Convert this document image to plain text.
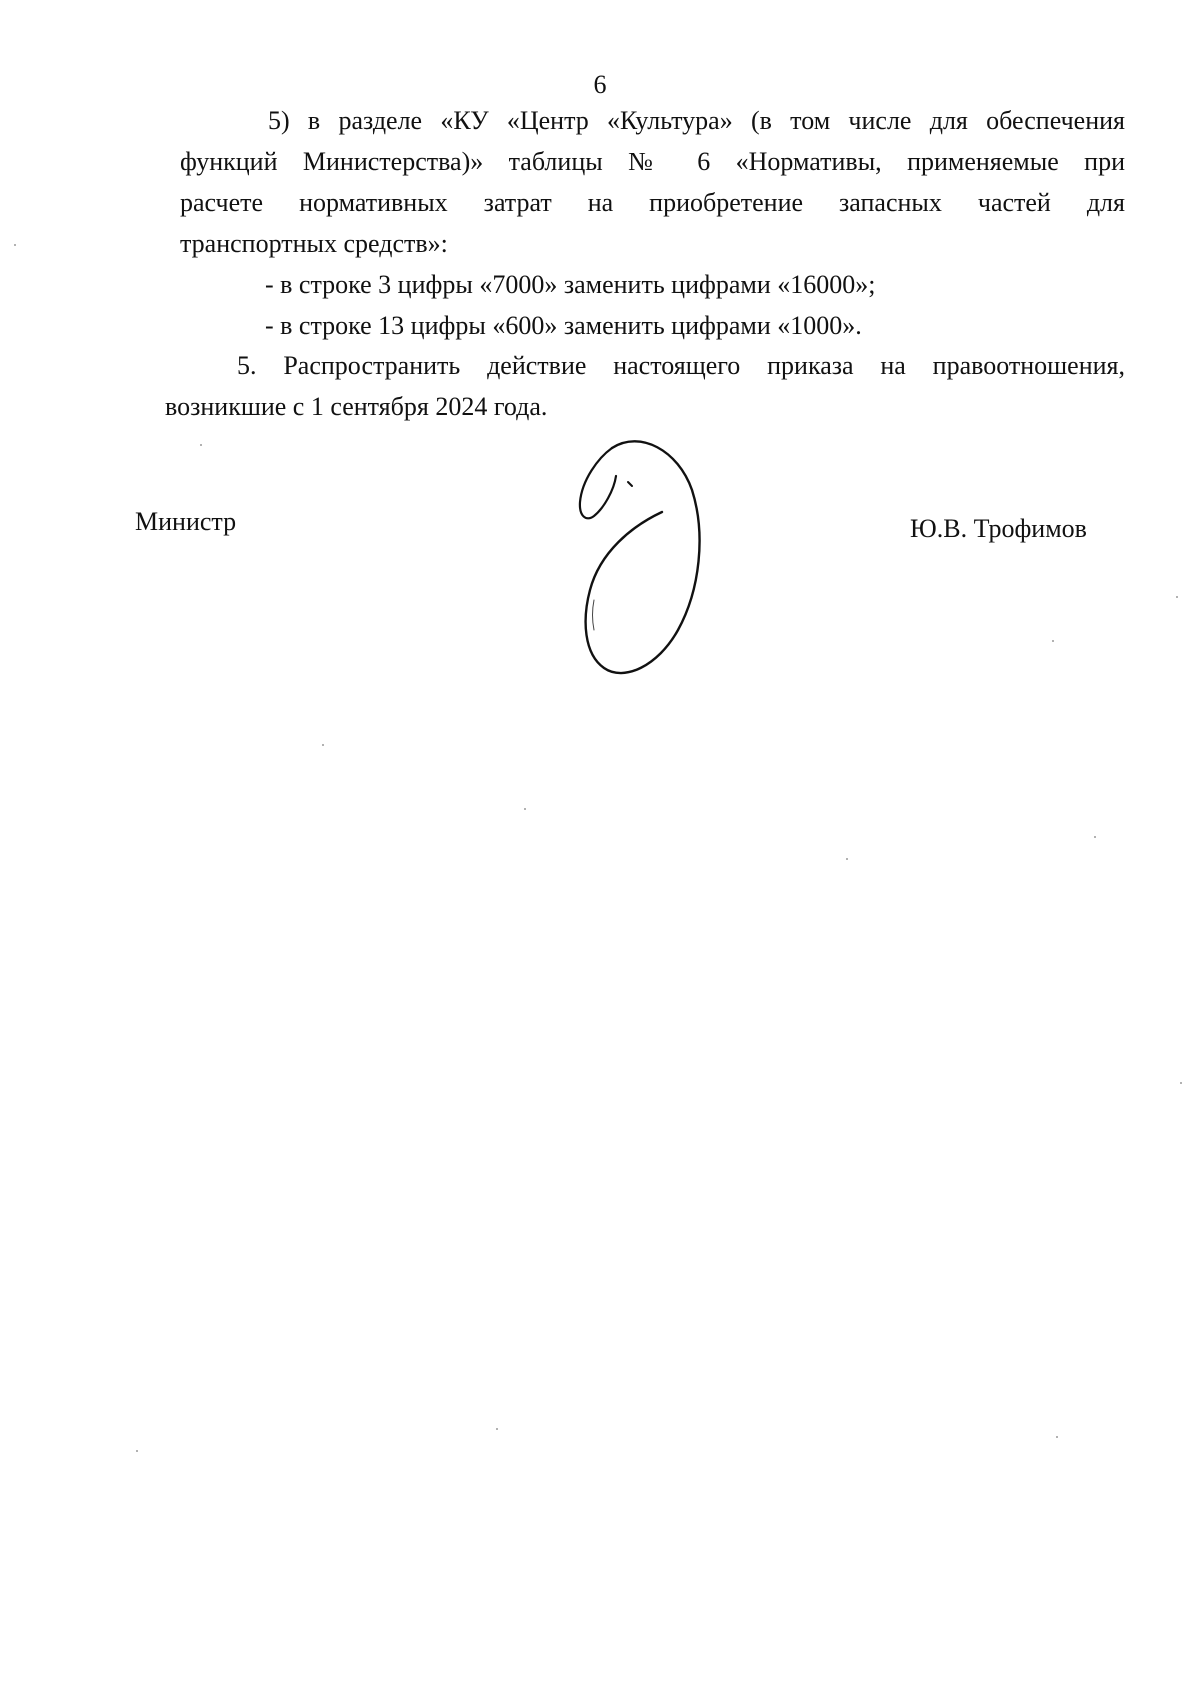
6
5) в разделе «КУ «Центр «Культура» (в том числе для обеспечения
функций Министерства)» таблицы № 6 «Нормативы, применяемые при
расчете нормативных затрат на приобретение запасных частей для
транспортных средств»:
- в строке 3 цифры «7000» заменить цифрами «16000»;
- в строке 13 цифры «600» заменить цифрами «1000».
5. Распространить действие настоящего приказа на правоотношения,
возникшие с 1 сентября 2024 года.
Министр	Ю.В. Трофимов
